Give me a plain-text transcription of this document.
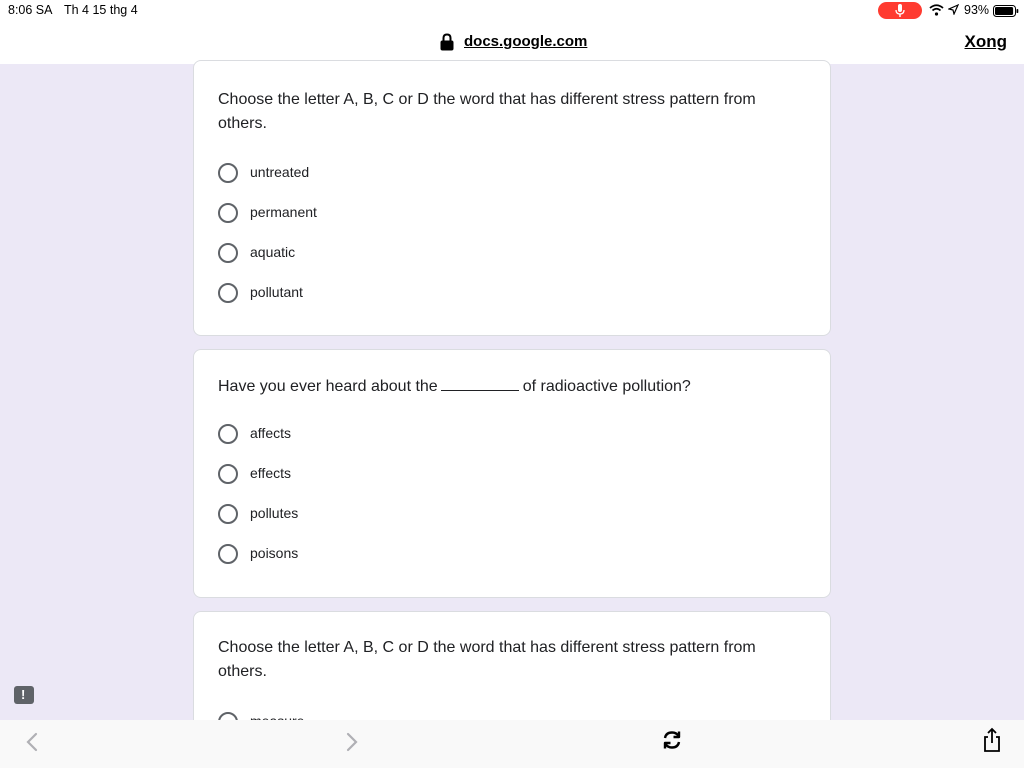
8:06 SA Th 4 15 thg 4	93%
docs.google.com	Xong
Choose the letter A, B, C or D the word that has different stress pattern from others.
untreated
permanent
aquatic
pollutant
Have you ever heard about the	of radioactive pollution?
affects
effects
pollutes
poisons
Choose the letter A, B, C or D the word that has different stress pattern from others.
!
